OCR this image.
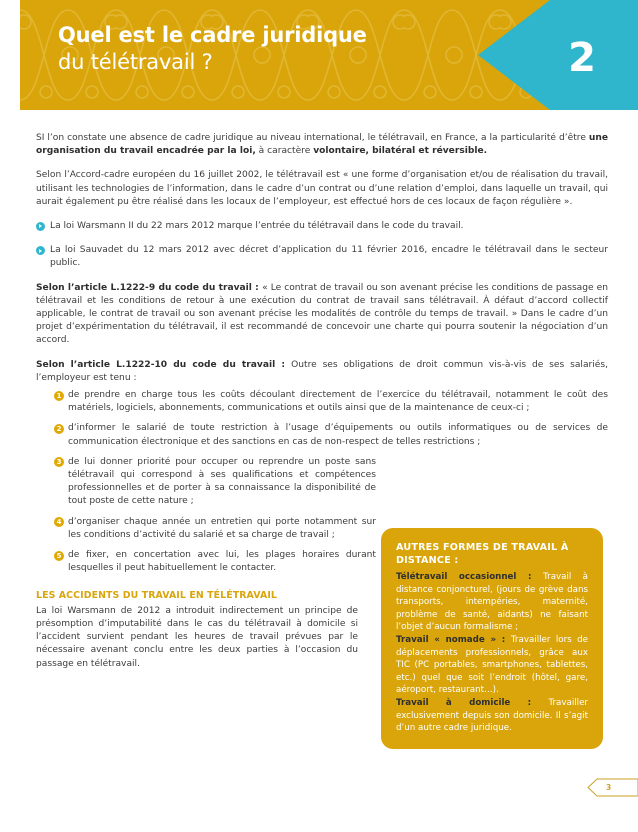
Quel est le cadre juridique
du télétravail ?	2

SI l’on constate une absence de cadre juridique au niveau international, le télétravail, en France, a la particularité d’être une organisation du travail encadrée par la loi, à caractère volontaire, bilatéral et réversible.

Selon l’Accord-cadre européen du 16 juillet 2002, le télétravail est « une forme d’organisation et/ou de réalisation du travail, utilisant les technologies de l’information, dans le cadre d’un contrat ou d’une relation d’emploi, dans laquelle un travail, qui aurait également pu être réalisé dans les locaux de l’employeur, est effectué hors de ces locaux de façon régulière ».

La loi Warsmann II du 22 mars 2012 marque l’entrée du télétravail dans le code du travail.
La loi Sauvadet du 12 mars 2012 avec décret d’application du 11 février 2016, encadre le télétravail dans le secteur public.

Selon l’article L.1222-9 du code du travail : « Le contrat de travail ou son avenant précise les conditions de passage en télétravail et les conditions de retour à une exécution du contrat de travail sans télétravail. À défaut d’accord collectif applicable, le contrat de travail ou son avenant précise les modalités de contrôle du temps de travail. » Dans le cadre d’un projet d’expérimentation du télétravail, il est recommandé de concevoir une charte qui pourra soutenir la négociation d’un accord.

Selon l’article L.1222-10 du code du travail : Outre ses obligations de droit commun vis-à-vis de ses salariés, l’employeur est tenu :

1 de prendre en charge tous les coûts découlant directement de l’exercice du télétravail, notamment le coût des matériels, logiciels, abonnements, communications et outils ainsi que de la maintenance de ceux-ci ;
2 d’informer le salarié de toute restriction à l’usage d’équipements ou outils informatiques ou de services de communication électronique et des sanctions en cas de non-respect de telles restrictions ;
3 de lui donner priorité pour occuper ou reprendre un poste sans télétravail qui correspond à ses qualifications et compétences professionnelles et de porter à sa connaissance la disponibilité de tout poste de cette nature ;
4 d’organiser chaque année un entretien qui porte notamment sur les conditions d’activité du salarié et sa charge de travail ;
5 de fixer, en concertation avec lui, les plages horaires durant lesquelles il peut habituellement le contacter.
LES ACCIDENTS DU TRAVAIL EN TÉLÉTRAVAIL

La loi Warsmann de 2012 a introduit indirectement un principe de présomption d’imputabilité dans le cas du télétravail à domicile si l’accident survient pendant les heures de travail prévues par le nécessaire avenant conclu entre les deux parties à l’occasion du passage en télétravail.

AUTRES FORMES DE TRAVAIL À DISTANCE :

Télétravail occasionnel : Travail à distance conjoncturel, (jours de grève dans transports, intempéries, maternité, problème de santé, aidants) ne faisant l’objet d’aucun formalisme ;

Travail « nomade » : Travailler lors de déplacements professionnels, grâce aux TIC (PC portables, smartphones, tablettes, etc.) quel que soit l’endroit (hôtel, gare, aéroport, restaurant…).

Travail à domicile : Travailler exclusivement depuis son domicile. Il s’agit d’un autre cadre juridique.

3
